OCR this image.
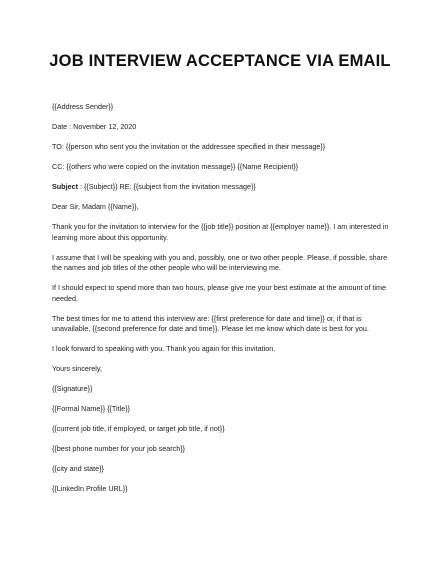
JOB INTERVIEW ACCEPTANCE VIA EMAIL

{{Address Sender}}

Date : November 12, 2020

TO: {{person who sent you the invitation or the addressee specified in their message}}

CC: {{others who were copied on the invitation message}} {{Name Recipient}}

Subject : {{Subject}} RE: {{subject from the invitation message}}

Dear Sir, Madam {{Name}},

Thank you for the invitation to interview for the {{job title}} position at {{employer name}}. I am interested in learning more about this opportunity.

I assume that I will be speaking with you and, possibly, one or two other people. Please, if possible, share the names and job titles of the other people who will be interviewing me.

If I should expect to spend more than two hours, please give me your best estimate at the amount of time needed.

The best times for me to attend this interview are: {{first preference for date and time}} or, if that is unavailable, {{second preference for date and time}}. Please let me know which date is best for you.

I look forward to speaking with you. Thank you again for this invitation.

Yours sincerely,

{{Signature}}

{{Formal Name}} {{Title}}

{{current job title, if employed, or target job title, if not}}

{{best phone number for your job search}}

{{city and state}}

{{LinkedIn Profile URL}}
